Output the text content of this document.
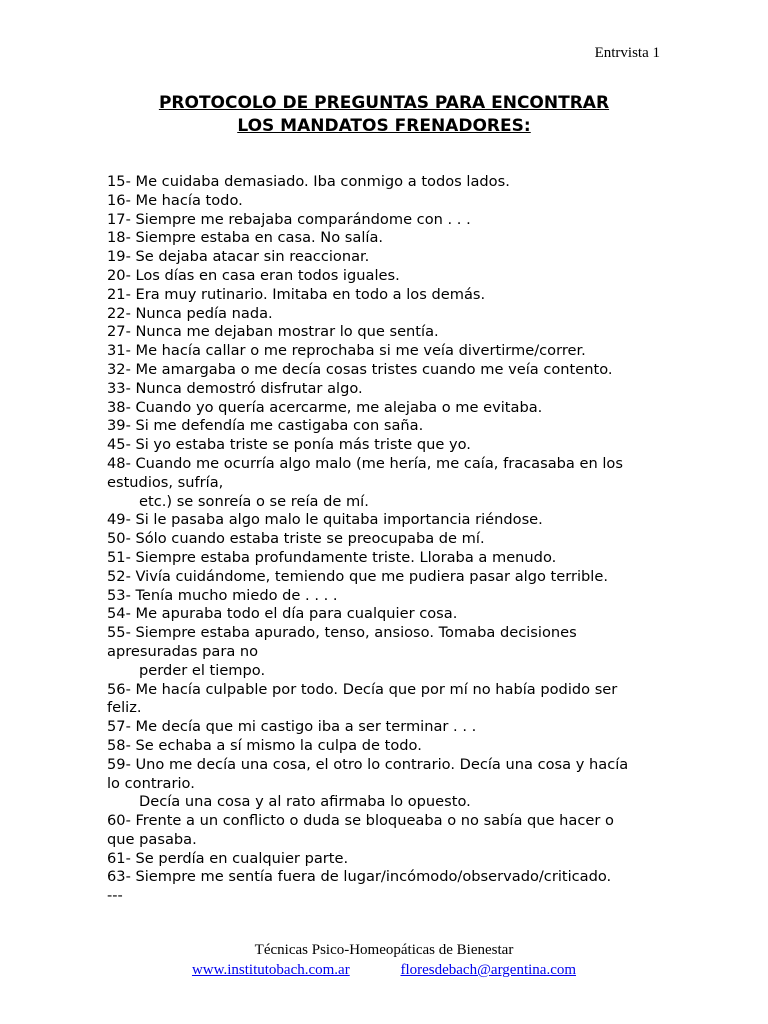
Entrvista 1
PROTOCOLO DE PREGUNTAS PARA ENCONTRAR
LOS MANDATOS FRENADORES:
15- Me cuidaba demasiado. Iba conmigo a todos lados.
16- Me hacía todo.
17- Siempre me rebajaba comparándome con . . .
18- Siempre estaba en casa. No salía.
19- Se dejaba atacar sin reaccionar.
20- Los días en casa eran todos iguales.
21- Era muy rutinario. Imitaba en todo a los demás.
22- Nunca pedía nada.
27- Nunca me dejaban mostrar lo que sentía.
31- Me hacía callar o me reprochaba si me veía divertirme/correr.
32- Me amargaba o me decía cosas tristes cuando me veía contento.
33- Nunca demostró disfrutar algo.
38- Cuando yo quería acercarme, me alejaba o me evitaba.
39- Si me defendía me castigaba con saña.
45- Si yo estaba triste se ponía más triste que yo.
48- Cuando me ocurría algo malo (me hería, me caía, fracasaba en los
estudios, sufría,
etc.) se sonreía o se reía de mí.
49- Si le pasaba algo malo le quitaba importancia riéndose.
50- Sólo cuando estaba triste se preocupaba de mí.
51- Siempre estaba profundamente triste. Lloraba a menudo.
52- Vivía cuidándome, temiendo que me pudiera pasar algo terrible.
53- Tenía mucho miedo de . . . .
54- Me apuraba todo el día para cualquier cosa.
55- Siempre estaba apurado, tenso, ansioso. Tomaba decisiones
apresuradas para no
perder el tiempo.
56- Me hacía culpable por todo. Decía que por mí no había podido ser
feliz.
57- Me decía que mi castigo iba a ser terminar . . .
58- Se echaba a sí mismo la culpa de todo.
59- Uno me decía una cosa, el otro lo contrario. Decía una cosa y hacía
lo contrario.
Decía una cosa y al rato afirmaba lo opuesto.
60- Frente a un conflicto o duda se bloqueaba o no sabía que hacer o
que pasaba.
61- Se perdía en cualquier parte.
63- Siempre me sentía fuera de lugar/incómodo/observado/criticado.
---
Técnicas Psico-Homeopáticas de Bienestar
www.institutobach.com.ar	floresdebach@argentina.com
